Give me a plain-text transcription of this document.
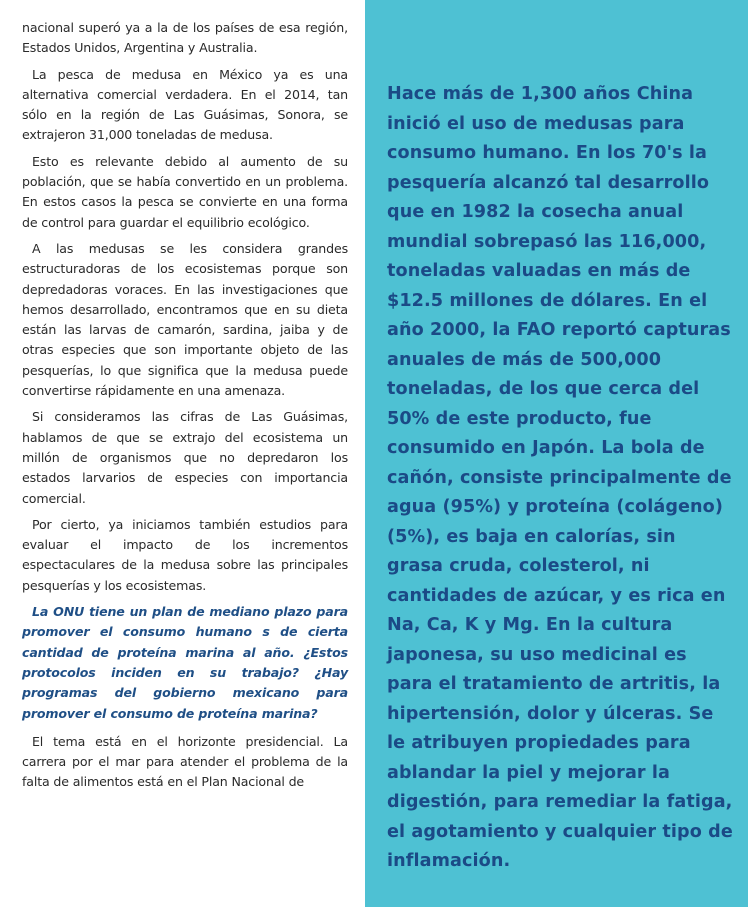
nacional superó ya a la de los países de esa región, Estados Unidos, Argentina y Australia.

La pesca de medusa en México ya es una alternativa comercial verdadera. En el 2014, tan sólo en la región de Las Guásimas, Sonora, se extrajeron 31,000 toneladas de medusa.

Esto es relevante debido al aumento de su población, que se había convertido en un problema. En estos casos la pesca se convierte en una forma de control para guardar el equilibrio ecológico.

A las medusas se les considera grandes estructuradoras de los ecosistemas porque son depredadoras voraces. En las investigaciones que hemos desarrollado, encontramos que en su dieta están las larvas de camarón, sardina, jaiba y de otras especies que son importante objeto de las pesquerías, lo que significa que la medusa puede convertirse rápidamente en una amenaza.

Si consideramos las cifras de Las Guásimas, hablamos de que se extrajo del ecosistema un millón de organismos que no depredaron los estados larvarios de especies con importancia comercial.

Por cierto, ya iniciamos también estudios para evaluar el impacto de los incrementos espectaculares de la medusa sobre las principales pesquerías y los ecosistemas.

La ONU tiene un plan de mediano plazo para promover el consumo humano s de cierta cantidad de proteína marina al año. ¿Estos protocolos inciden en su trabajo? ¿Hay programas del gobierno mexicano para promover el consumo de proteína marina?

El tema está en el horizonte presidencial. La carrera por el mar para atender el problema de la falta de alimentos está en el Plan Nacional de

Hace más de 1,300 años China inició el uso de medusas para consumo humano. En los 70's la pesquería alcanzó tal desarrollo que en 1982 la cosecha anual mundial sobrepasó las 116,000, toneladas valuadas en más de $12.5 millones de dólares. En el año 2000, la FAO reportó capturas anuales de más de 500,000 toneladas, de los que cerca del 50% de este producto, fue consumido en Japón. La bola de cañón, consiste principalmente de agua (95%) y proteína (colágeno) (5%), es baja en calorías, sin grasa cruda, colesterol, ni cantidades de azúcar, y es rica en Na, Ca, K y Mg. En la cultura japonesa, su uso medicinal es para el tratamiento de artritis, la hipertensión, dolor y úlceras. Se le atribuyen propiedades para ablandar la piel y mejorar la digestión, para remediar la fatiga, el agotamiento y cualquier tipo de inflamación.
